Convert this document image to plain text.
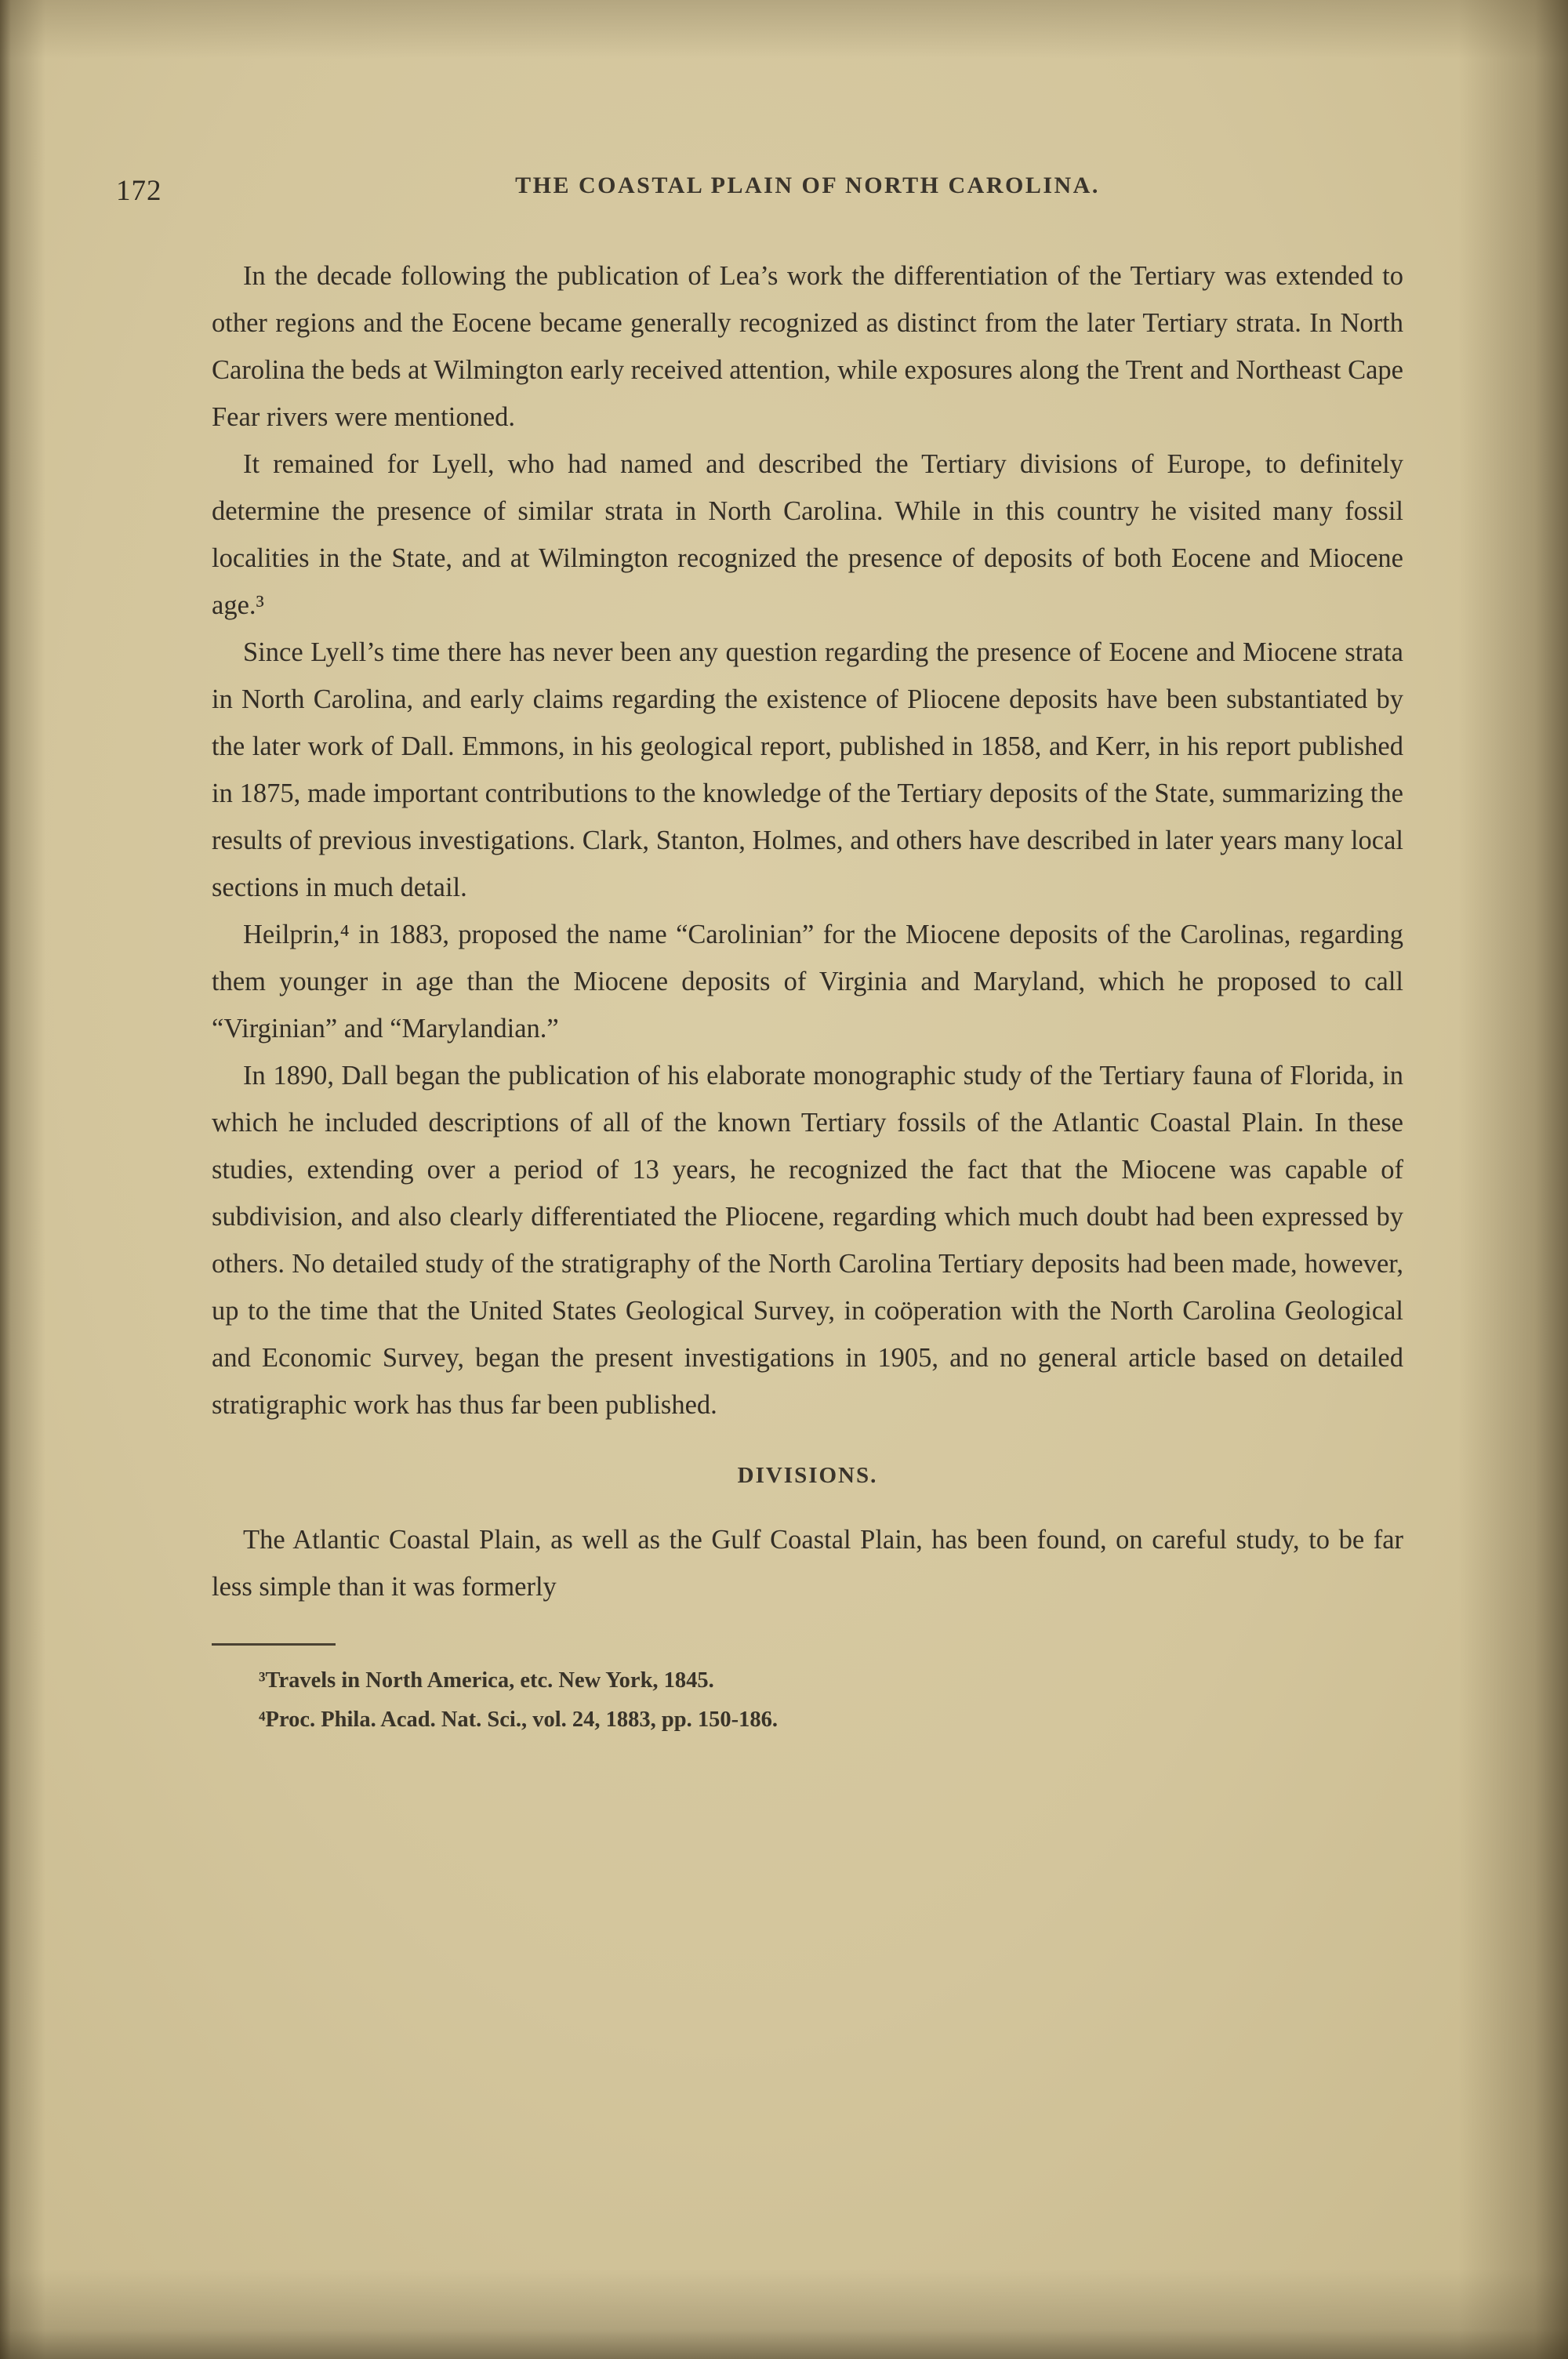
172	THE COASTAL PLAIN OF NORTH CAROLINA.

In the decade following the publication of Lea’s work the differentiation of the Tertiary was extended to other regions and the Eocene became generally recognized as distinct from the later Tertiary strata. In North Carolina the beds at Wilmington early received attention, while exposures along the Trent and Northeast Cape Fear rivers were mentioned.

It remained for Lyell, who had named and described the Tertiary divisions of Europe, to definitely determine the presence of similar strata in North Carolina. While in this country he visited many fossil localities in the State, and at Wilmington recognized the presence of deposits of both Eocene and Miocene age.³

Since Lyell’s time there has never been any question regarding the presence of Eocene and Miocene strata in North Carolina, and early claims regarding the existence of Pliocene deposits have been substantiated by the later work of Dall. Emmons, in his geological report, published in 1858, and Kerr, in his report published in 1875, made important contributions to the knowledge of the Tertiary deposits of the State, summarizing the results of previous investigations. Clark, Stanton, Holmes, and others have described in later years many local sections in much detail.

Heilprin,⁴ in 1883, proposed the name “Carolinian” for the Miocene deposits of the Carolinas, regarding them younger in age than the Miocene deposits of Virginia and Maryland, which he proposed to call “Virginian” and “Marylandian.”

In 1890, Dall began the publication of his elaborate monographic study of the Tertiary fauna of Florida, in which he included descriptions of all of the known Tertiary fossils of the Atlantic Coastal Plain. In these studies, extending over a period of 13 years, he recognized the fact that the Miocene was capable of subdivision, and also clearly differentiated the Pliocene, regarding which much doubt had been expressed by others. No detailed study of the stratigraphy of the North Carolina Tertiary deposits had been made, however, up to the time that the United States Geological Survey, in coöperation with the North Carolina Geological and Economic Survey, began the present investigations in 1905, and no general article based on detailed stratigraphic work has thus far been published.

DIVISIONS.

The Atlantic Coastal Plain, as well as the Gulf Coastal Plain, has been found, on careful study, to be far less simple than it was formerly

³Travels in North America, etc. New York, 1845.

⁴Proc. Phila. Acad. Nat. Sci., vol. 24, 1883, pp. 150-186.
